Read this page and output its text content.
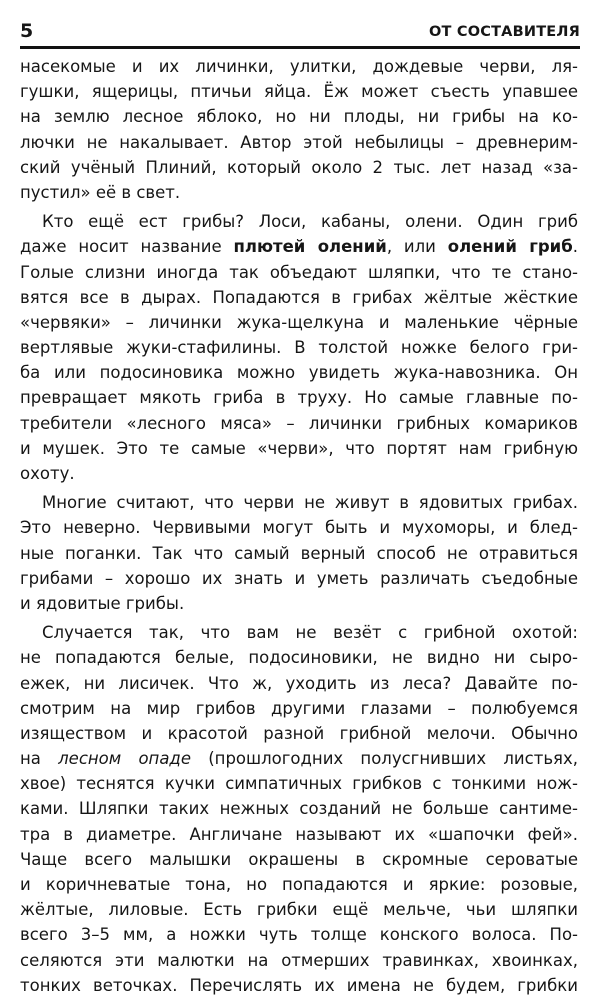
5	ОТ СОСТАВИТЕЛЯ
насекомые и их личинки, улитки, дождевые черви, ля-
гушки, ящерицы, птичьи яйца. Ёж может съесть упавшее
на землю лесное яблоко, но ни плоды, ни грибы на ко-
лючки не накалывает. Автор этой небылицы – древнерим-
ский учёный Плиний, который около 2 тыс. лет назад «за-
пустил» её в свет.
Кто ещё ест грибы? Лоси, кабаны, олени. Один гриб
даже носит название плютей олений, или олений гриб.
Голые слизни иногда так объедают шляпки, что те стано-
вятся все в дырах. Попадаются в грибах жёлтые жёсткие
«червяки» – личинки жука-щелкуна и маленькие чёрные
вертлявые жуки-стафилины. В толстой ножке белого гри-
ба или подосиновика можно увидеть жука-навозника. Он
превращает мякоть гриба в труху. Но самые главные по-
требители «лесного мяса» – личинки грибных комариков
и мушек. Это те самые «черви», что портят нам грибную
охоту.
Многие считают, что черви не живут в ядовитых грибах.
Это неверно. Червивыми могут быть и мухоморы, и блед-
ные поганки. Так что самый верный способ не отравиться
грибами – хорошо их знать и уметь различать съедобные
и ядовитые грибы.
Случается так, что вам не везёт с грибной охотой:
не попадаются белые, подосиновики, не видно ни сыро-
ежек, ни лисичек. Что ж, уходить из леса? Давайте по-
смотрим на мир грибов другими глазами – полюбуемся
изяществом и красотой разной грибной мелочи. Обычно
на лесном опаде (прошлогодних полусгнивших листьях,
хвое) теснятся кучки симпатичных грибков с тонкими нож-
ками. Шляпки таких нежных созданий не больше сантиме-
тра в диаметре. Англичане называют их «шапочки фей».
Чаще всего малышки окрашены в скромные сероватые
и коричневатые тона, но попадаются и яркие: розовые,
жёлтые, лиловые. Есть грибки ещё мельче, чьи шляпки
всего 3–5 мм, а ножки чуть толще конского волоса. По-
селяются эти малютки на отмерших травинках, хвоинках,
тонких веточках. Перечислять их имена не будем, грибки
